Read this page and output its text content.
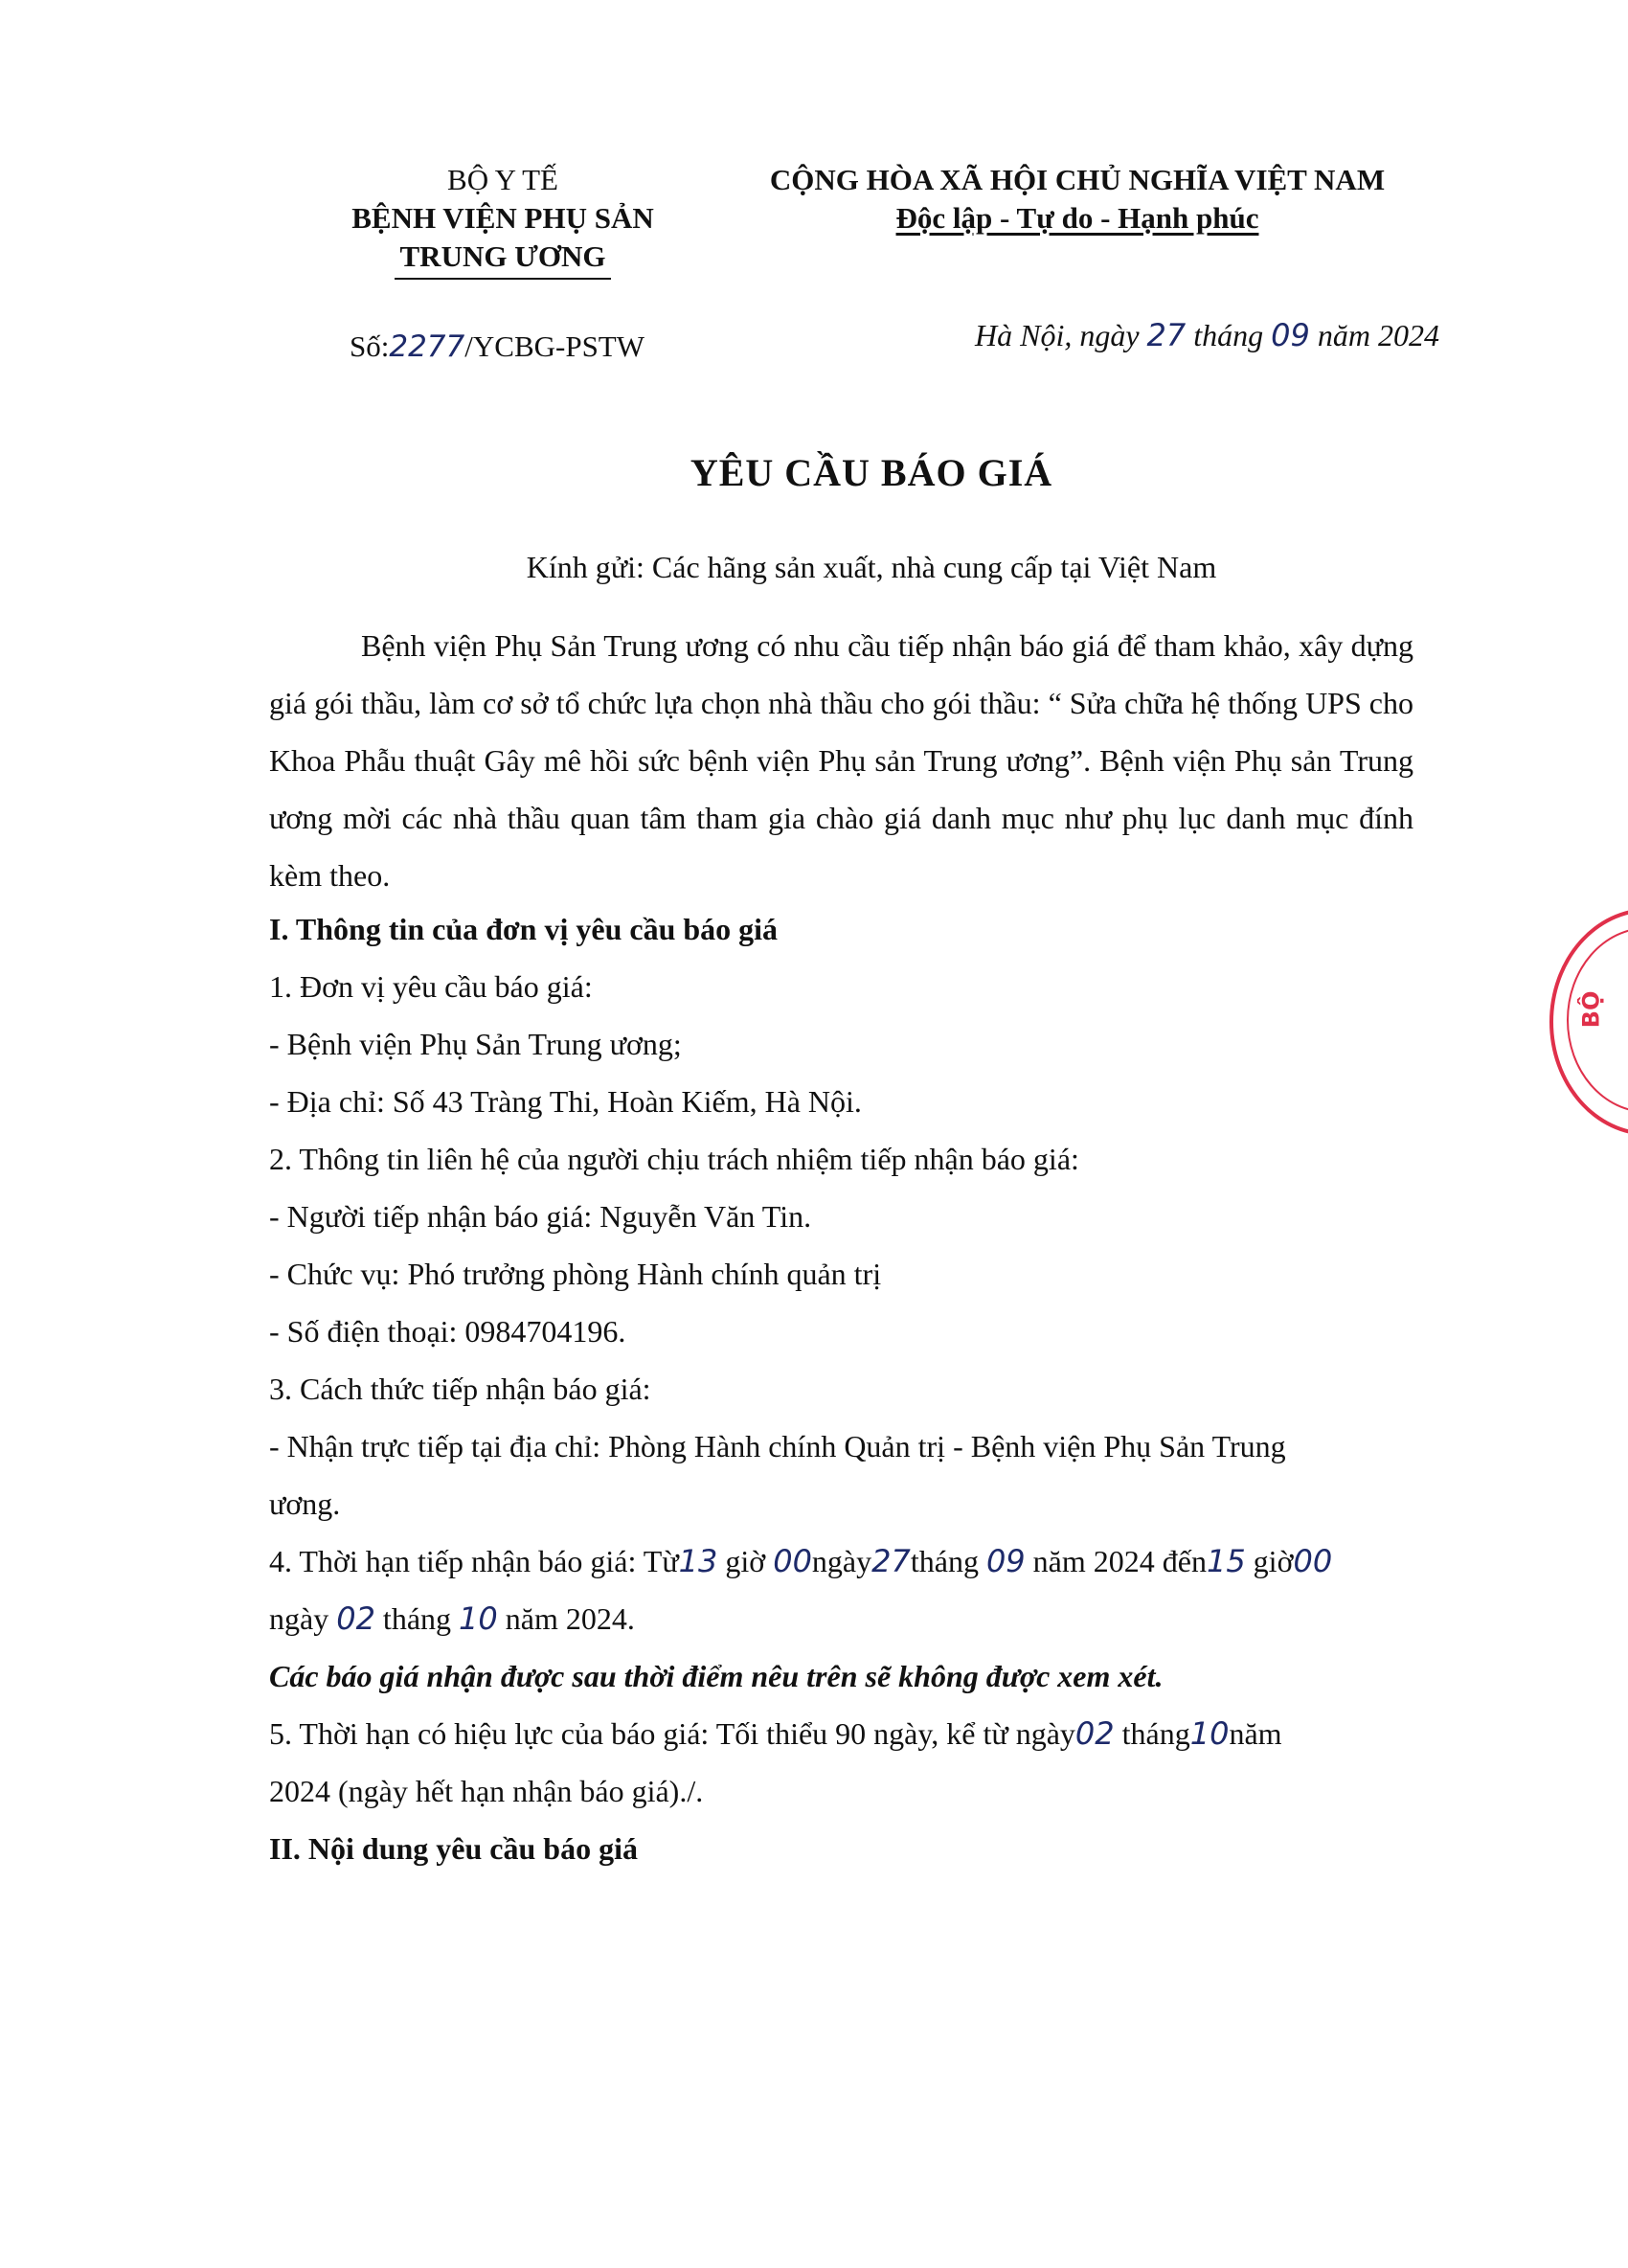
BỘ Y TẾ
BỆNH VIỆN PHỤ SẢN
TRUNG ƯƠNG
CỘNG HÒA XÃ HỘI CHỦ NGHĨA VIỆT NAM
Độc lập - Tự do - Hạnh phúc
Số:2277/YCBG-PSTW	Hà Nội, ngày 27 tháng 09 năm 2024
YÊU CẦU BÁO GIÁ
Kính gửi: Các hãng sản xuất, nhà cung cấp tại Việt Nam
Bệnh viện Phụ Sản Trung ương có nhu cầu tiếp nhận báo giá để tham khảo, xây dựng giá gói thầu, làm cơ sở tổ chức lựa chọn nhà thầu cho gói thầu: “ Sửa chữa hệ thống UPS cho Khoa Phẫu thuật Gây mê hồi sức bệnh viện Phụ sản Trung ương”. Bệnh viện Phụ sản Trung ương mời các nhà thầu quan tâm tham gia chào giá danh mục như phụ lục danh mục đính kèm theo.
I. Thông tin của đơn vị yêu cầu báo giá
1. Đơn vị yêu cầu báo giá:
- Bệnh viện Phụ Sản Trung ương;
- Địa chỉ: Số 43 Tràng Thi, Hoàn Kiếm, Hà Nội.
2. Thông tin liên hệ của người chịu trách nhiệm tiếp nhận báo giá:
- Người tiếp nhận báo giá: Nguyễn Văn Tin.
- Chức vụ: Phó trưởng phòng Hành chính quản trị
- Số điện thoại: 0984704196.
3. Cách thức tiếp nhận báo giá:
- Nhận trực tiếp tại địa chỉ: Phòng Hành chính Quản trị - Bệnh viện Phụ Sản Trung
ương.
4. Thời hạn tiếp nhận báo giá: Từ13 giờ 00ngày27tháng 09 năm 2024 đến15 giờ00
ngày 02 tháng 10 năm 2024.
Các báo giá nhận được sau thời điểm nêu trên sẽ không được xem xét.
5. Thời hạn có hiệu lực của báo giá: Tối thiểu 90 ngày, kể từ ngày02 tháng10năm
2024 (ngày hết hạn nhận báo giá)./.
II. Nội dung yêu cầu báo giá
BỘ
